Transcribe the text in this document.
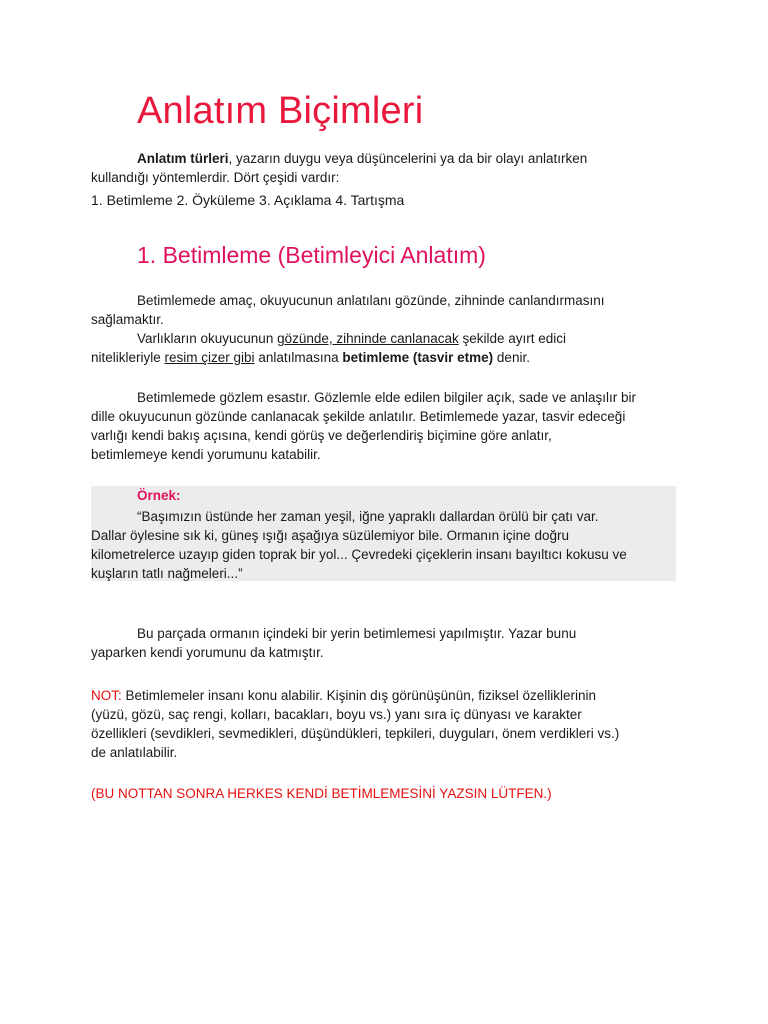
Anlatım Biçimleri

Anlatım türleri, yazarın duygu veya düşüncelerini ya da bir olayı anlatırken
kullandığı yöntemlerdir. Dört çeşidi vardır:

1. Betimleme 2. Öyküleme 3. Açıklama 4. Tartışma

1. Betimleme (Betimleyici Anlatım)

Betimlemede amaç, okuyucunun anlatılanı gözünde, zihninde canlandırmasını
sağlamaktır.
Varlıkların okuyucunun gözünde, zihninde canlanacak şekilde ayırt edici
nitelikleriyle resim çizer gibi anlatılmasına betimleme (tasvir etme) denir.

Betimlemede gözlem esastır. Gözlemle elde edilen bilgiler açık, sade ve anlaşılır bir
dille okuyucunun gözünde canlanacak şekilde anlatılır. Betimlemede yazar, tasvir edeceği
varlığı kendi bakış açısına, kendi görüş ve değerlendiriş biçimine göre anlatır,
betimlemeye kendi yorumunu katabilir.

Örnek:

“Başımızın üstünde her zaman yeşil, iğne yapraklı dallardan örülü bir çatı var.
Dallar öylesine sık ki, güneş ışığı aşağıya süzülemiyor bile. Ormanın içine doğru
kilometrelerce uzayıp giden toprak bir yol... Çevredeki çiçeklerin insanı bayıltıcı kokusu ve
kuşların tatlı nağmeleri...”

Bu parçada ormanın içindeki bir yerin betimlemesi yapılmıştır. Yazar bunu
yaparken kendi yorumunu da katmıştır.

NOT: Betimlemeler insanı konu alabilir. Kişinin dış görünüşünün, fiziksel özelliklerinin
(yüzü, gözü, saç rengi, kolları, bacakları, boyu vs.) yanı sıra iç dünyası ve karakter
özellikleri (sevdikleri, sevmedikleri, düşündükleri, tepkileri, duyguları, önem verdikleri vs.)
de anlatılabilir.

(BU NOTTAN SONRA HERKES KENDİ BETİMLEMESİNİ YAZSIN LÜTFEN.)
